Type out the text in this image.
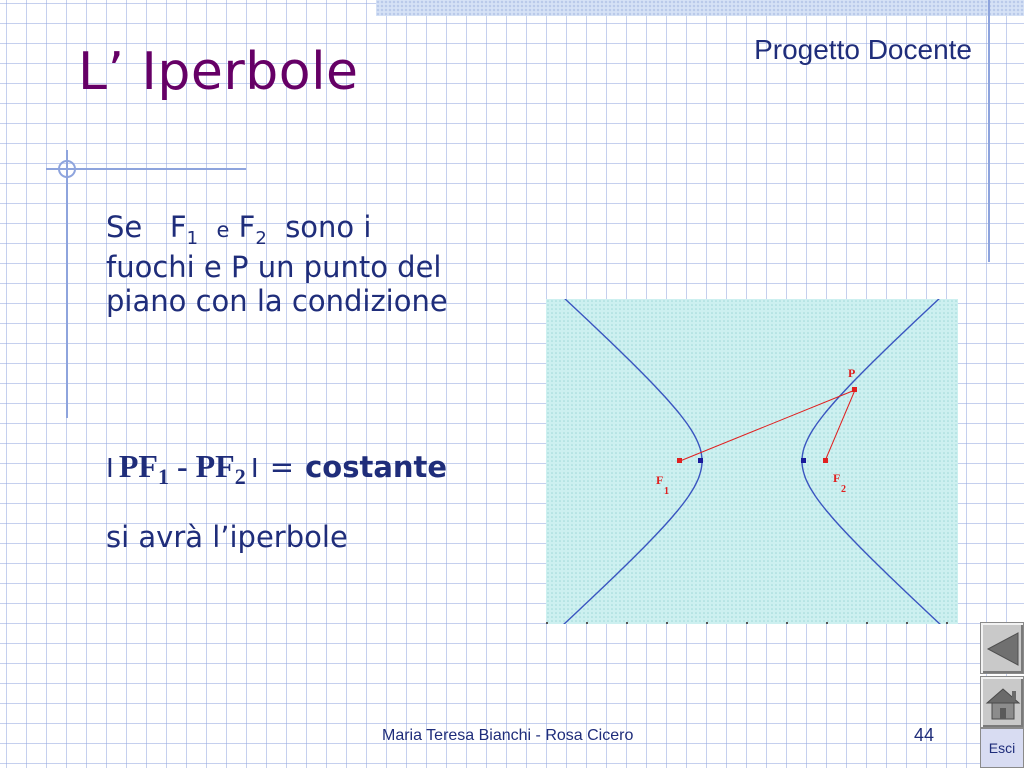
L’ Iperbole	Progetto Docente
Se $F_1$ e $F_2$ sono i
fuochi e P un punto del
piano con la condizione
I $PF_1 - PF_2$ I = costante
si avrà l’iperbole
P
F
1
F
2
Maria Teresa Bianchi - Rosa Cicero	44
Esci
